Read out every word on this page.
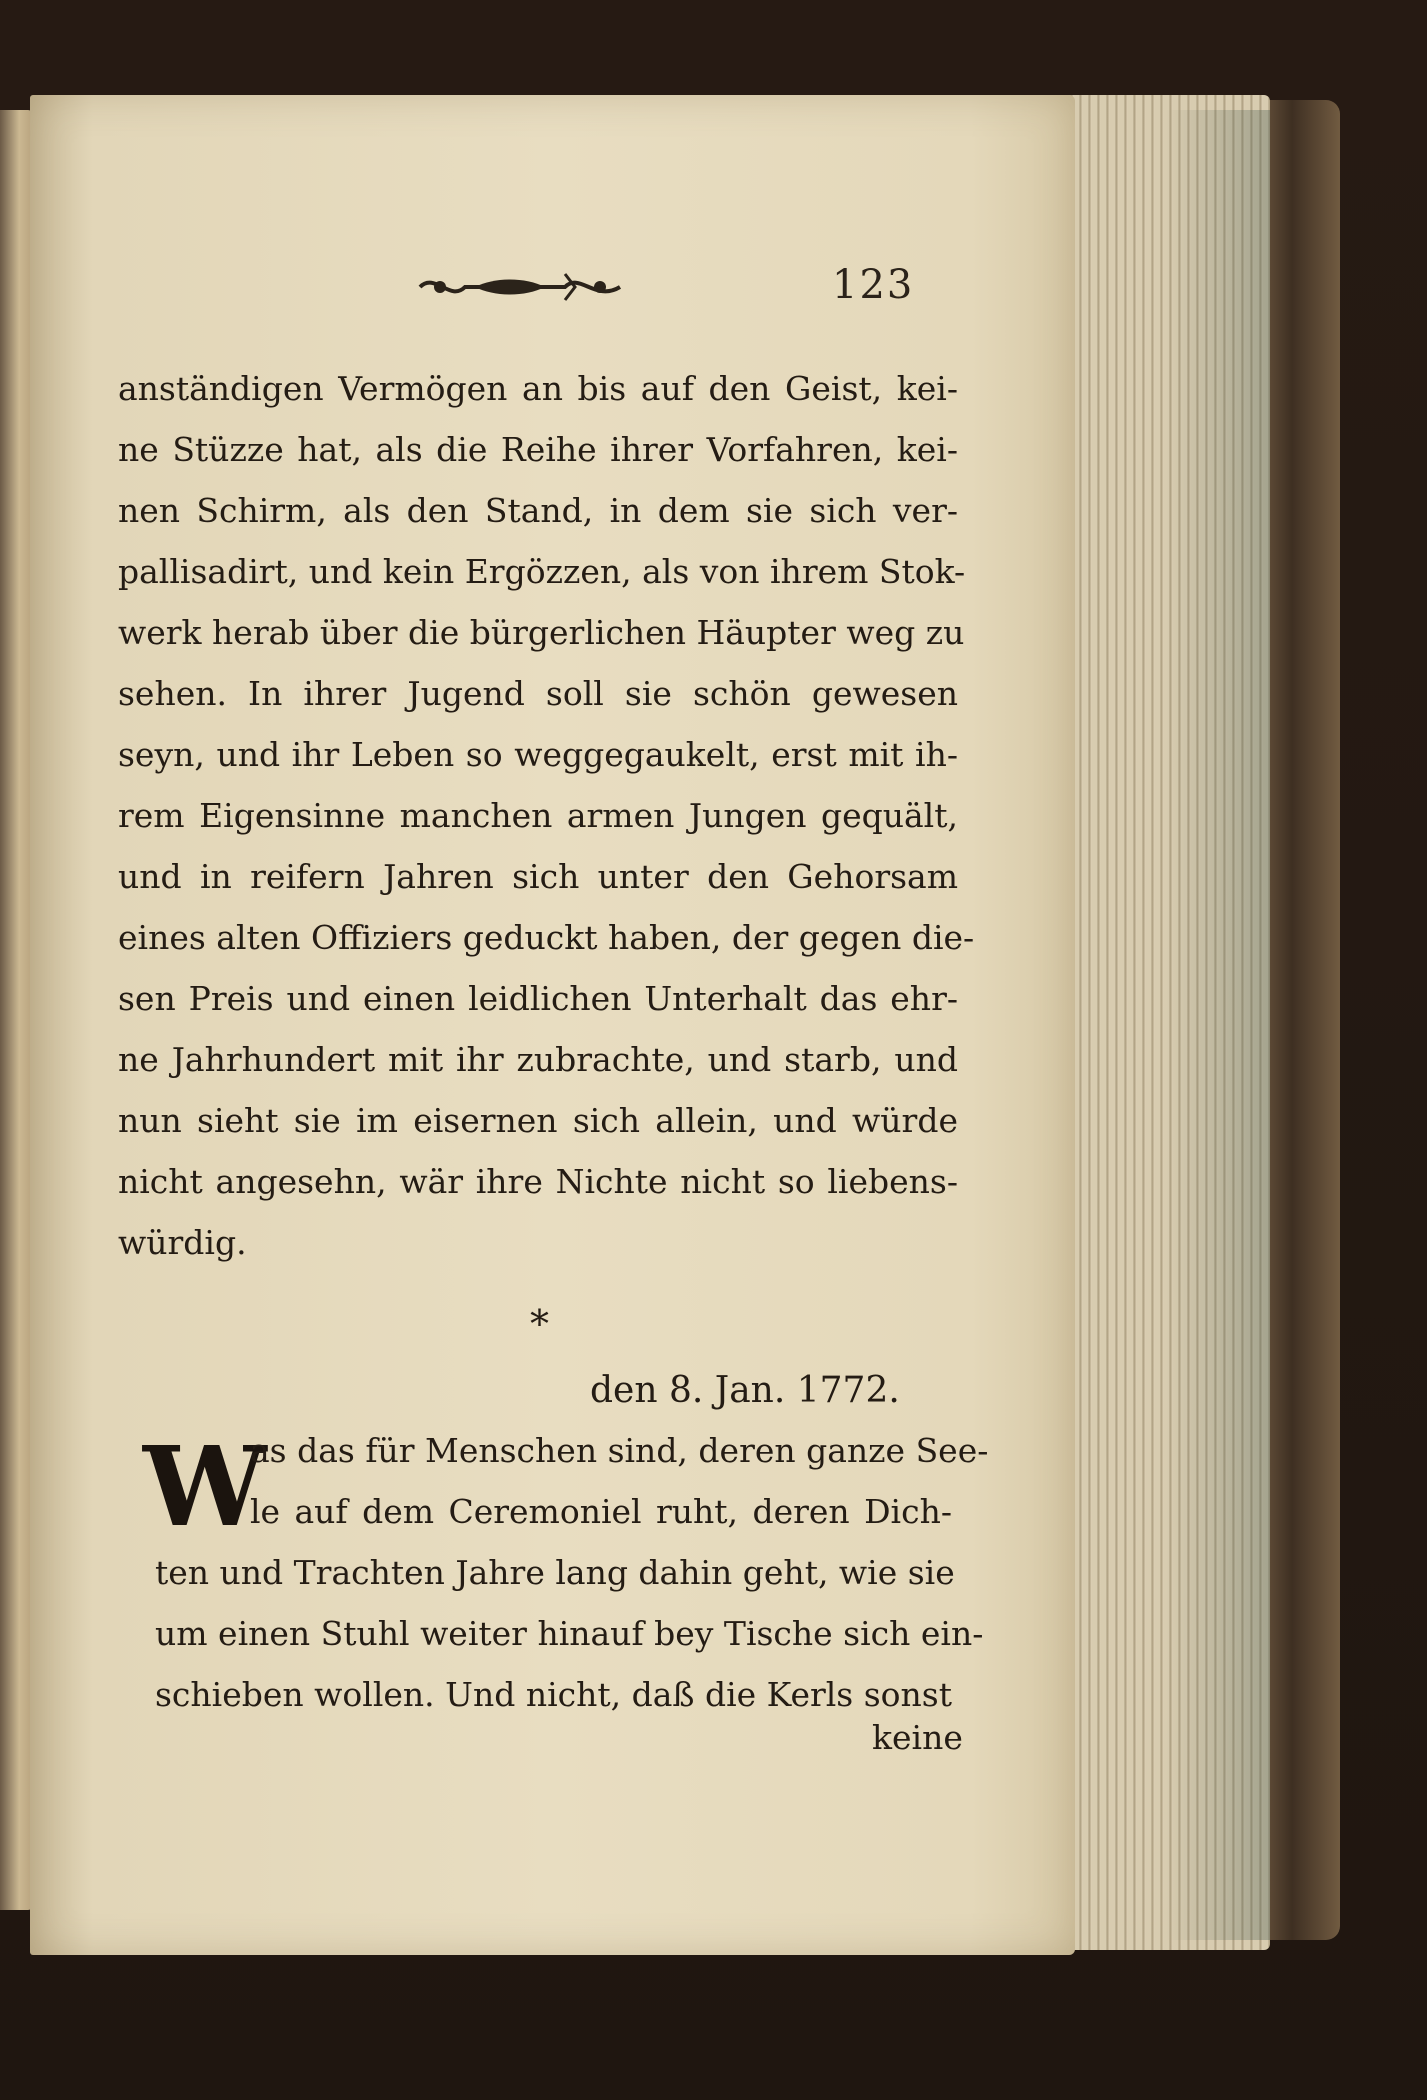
123
anständigen Vermögen an bis auf den Geist, kei-
ne Stüzze hat, als die Reihe ihrer Vorfahren, kei-
nen Schirm, als den Stand, in dem sie sich ver-
pallisadirt, und kein Ergözzen, als von ihrem Stok-
werk herab über die bürgerlichen Häupter weg zu
sehen. In ihrer Jugend soll sie schön gewesen
seyn, und ihr Leben so weggegaukelt, erst mit ih-
rem Eigensinne manchen armen Jungen gequält,
und in reifern Jahren sich unter den Gehorsam
eines alten Offiziers geduckt haben, der gegen die-
sen Preis und einen leidlichen Unterhalt das ehr-
ne Jahrhundert mit ihr zubrachte, und starb, und
nun sieht sie im eisernen sich allein, und würde
nicht angesehn, wär ihre Nichte nicht so liebens-
würdig.
*
den 8. Jan. 1772.
W
as das für Menschen sind, deren ganze See-
le auf dem Ceremoniel ruht, deren Dich-
ten und Trachten Jahre lang dahin geht, wie sie
um einen Stuhl weiter hinauf bey Tische sich ein-
schieben wollen. Und nicht, daß die Kerls sonst
keine
